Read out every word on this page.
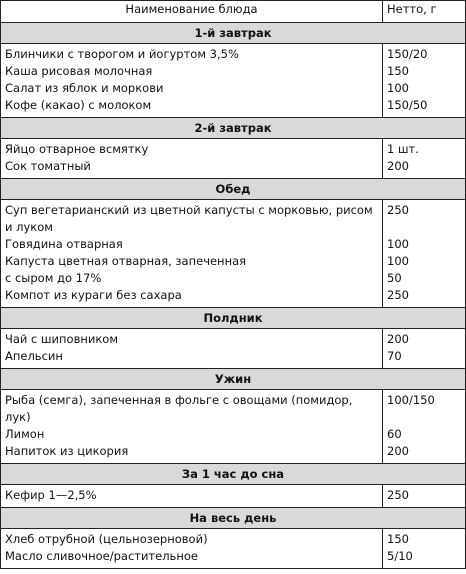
Наименование блюда	Нетто, г
1-й завтрак	

Блинчики с творогом и йогуртом 3,5%	150/20
Каша рисовая молочная	150
Салат из яблок и моркови	100
Кофе (какао) с молоком	150/50

2-й завтрак	

Яйцо отварное всмятку	1 шт.
Сок томатный	200

Обед	

Суп вегетарианский из цветной капусты с морковью, рисом и луком	250
Говядина отварная	100
Капуста цветная отварная, запеченная	100
с сыром до 17%	50
Компот из кураги без сахара	250

Полдник	

Чай с шиповником	200
Апельсин	70

Ужин	

Рыба (семга), запеченная в фольге с овощами (помидор, лук)	100/150
Лимон	60
Напиток из цикория	200

За 1 час до сна	

Кефир 1—2,5%	250

На весь день	

Хлеб отрубной (цельнозерновой)	150
Масло сливочное/растительное	5/10
